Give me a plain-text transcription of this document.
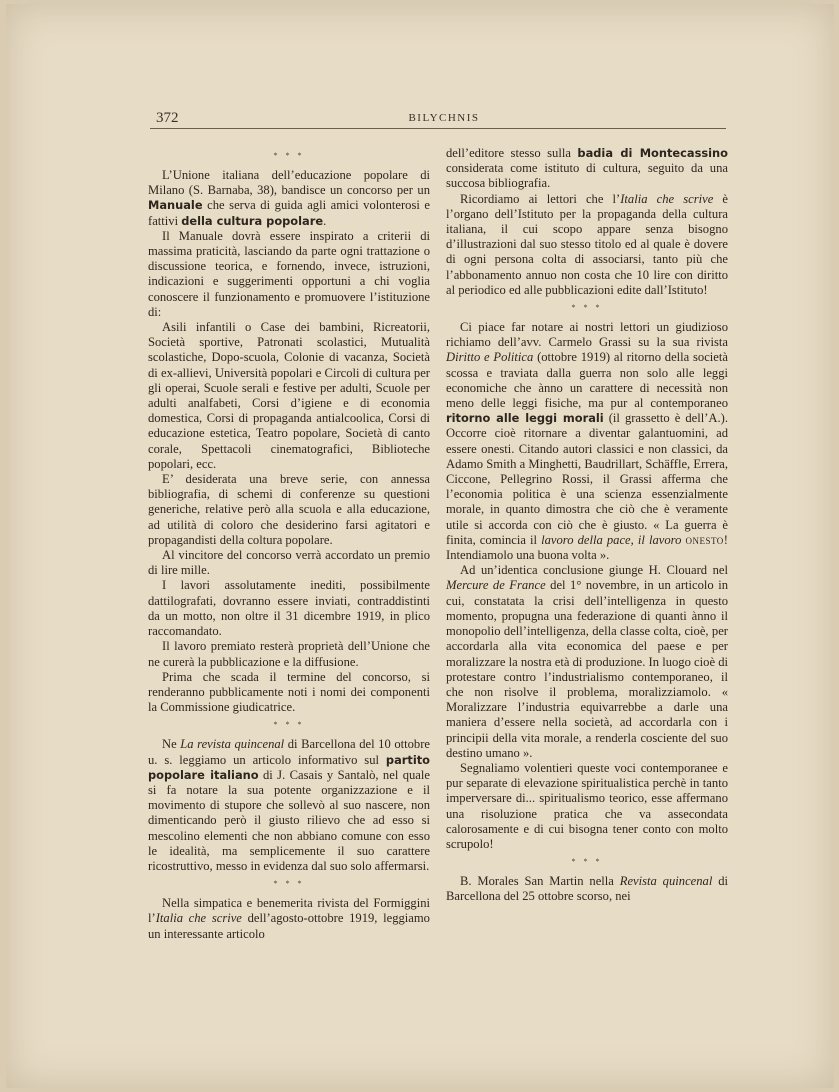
372	BILYCHNIS
* * *

L’Unione italiana dell’educazione popolare di Milano (S. Barnaba, 38), bandisce un concorso per un Manuale che serva di guida agli amici volonterosi e fattivi della cultura popolare.

Il Manuale dovrà essere inspirato a criterii di massima praticità, lasciando da parte ogni trattazione o discussione teorica, e fornendo, invece, istruzioni, indicazioni e suggerimenti opportuni a chi voglia conoscere il funzionamento e promuovere l’istituzione di:

Asili infantili o Case dei bambini, Ricreatorii, Società sportive, Patronati scolastici, Mutualità scolastiche, Dopo-scuola, Colonie di vacanza, Società di ex-allievi, Università popolari e Circoli di cultura per gli operai, Scuole serali e festive per adulti, Scuole per adulti analfabeti, Corsi d’igiene e di economia domestica, Corsi di propaganda antialcoolica, Corsi di educazione estetica, Teatro popolare, Società di canto corale, Spettacoli cinematografici, Biblioteche popolari, ecc.

E’ desiderata una breve serie, con annessa bibliografia, di schemi di conferenze su questioni generiche, relative però alla scuola e alla educazione, ad utilità di coloro che desiderino farsi agitatori e propagandisti della coltura popolare.

Al vincitore del concorso verrà accordato un premio di lire mille.

I lavori assolutamente inediti, possibilmente dattilografati, dovranno essere inviati, contraddistinti da un motto, non oltre il 31 dicembre 1919, in plico raccomandato.

Il lavoro premiato resterà proprietà dell’Unione che ne curerà la pubblicazione e la diffusione.

Prima che scada il termine del concorso, si renderanno pubblicamente noti i nomi dei componenti la Commissione giudicatrice.

* * *

Ne La revista quincenal di Barcellona del 10 ottobre u. s. leggiamo un articolo informativo sul partito popolare italiano di J. Casais y Santalò, nel quale si fa notare la sua potente organizzazione e il movimento di stupore che sollevò al suo nascere, non dimenticando però il giusto rilievo che ad esso si mescolino elementi che non abbiano comune con esso le idealità, ma semplicemente il suo carattere ricostruttivo, messo in evidenza dal suo solo affermarsi.

* * *

Nella simpatica e benemerita rivista del Formiggini l’Italia che scrive dell’agosto-ottobre 1919, leggiamo un interessante articolo

dell’editore stesso sulla badia di Montecassino considerata come istituto di cultura, seguito da una succosa bibliografia.

Ricordiamo ai lettori che l’Italia che scrive è l’organo dell’Istituto per la propaganda della cultura italiana, il cui scopo appare senza bisogno d’illustrazioni dal suo stesso titolo ed al quale è dovere di ogni persona colta di associarsi, tanto più che l’abbonamento annuo non costa che 10 lire con diritto al periodico ed alle pubblicazioni edite dall’Istituto!

* * *

Ci piace far notare ai nostri lettori un giudizioso richiamo dell’avv. Carmelo Grassi su la sua rivista Diritto e Politica (ottobre 1919) al ritorno della società scossa e traviata dalla guerra non solo alle leggi economiche che ànno un carattere di necessità non meno delle leggi fisiche, ma pur al contemporaneo ritorno alle leggi morali (il grassetto è dell’A.). Occorre cioè ritornare a diventar galantuomini, ad essere onesti. Citando autori classici e non classici, da Adamo Smith a Minghetti, Baudrillart, Schäffle, Errera, Ciccone, Pellegrino Rossi, il Grassi afferma che l’economia politica è una scienza essenzialmente morale, in quanto dimostra che ciò che è veramente utile si accorda con ciò che è giusto. « La guerra è finita, comincia il lavoro della pace, il lavoro onesto! Intendiamolo una buona volta ».

Ad un’identica conclusione giunge H. Clouard nel Mercure de France del 1° novembre, in un articolo in cui, constatata la crisi dell’intelligenza in questo momento, propugna una federazione di quanti ànno il monopolio dell’intelligenza, della classe colta, cioè, per accordarla alla vita economica del paese e per moralizzare la nostra età di produzione. In luogo cioè di protestare contro l’industrialismo contemporaneo, il che non risolve il problema, moralizziamolo. « Moralizzare l’industria equivarrebbe a darle una maniera d’essere nella società, ad accordarla con i principii della vita morale, a renderla cosciente del suo destino umano ».

Segnaliamo volentieri queste voci contemporanee e pur separate di elevazione spiritualistica perchè in tanto imperversare di... spiritualismo teorico, esse affermano una risoluzione pratica che va assecondata calorosamente e di cui bisogna tener conto con molto scrupolo!

* * *

B. Morales San Martin nella Revista quincenal di Barcellona del 25 ottobre scorso, nei
